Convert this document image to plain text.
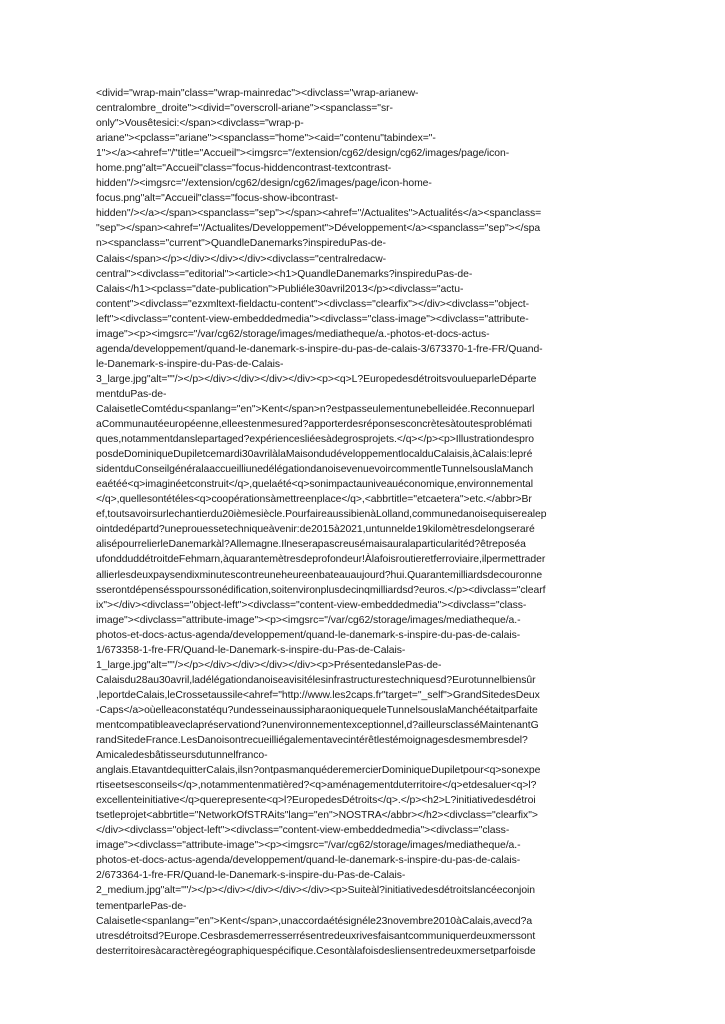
<divid="wrap-main"class="wrap-mainredac"><divclass="wrap-arianew-
centralombre_droite"><divid="overscroll-ariane"><spanclass="sr-
only">Vousêtesici:</span><divclass="wrap-p-
ariane"><pclass="ariane"><spanclass="home"><aid="contenu"tabindex="-
1"></a><ahref="/"title="Accueil"><imgsrc="/extension/cg62/design/cg62/images/page/icon-
home.png"alt="Accueil"class="focus-hiddencontrast-textcontrast-
hidden"/><imgsrc="/extension/cg62/design/cg62/images/page/icon-home-
focus.png"alt="Accueil"class="focus-show-ibcontrast-
hidden"/></a></span><spanclass="sep"></span><ahref="/Actualites">Actualités</a><spanclass=
"sep"></span><ahref="/Actualites/Developpement">Développement</a><spanclass="sep"></spa
n><spanclass="current">QuandleDanemarks?inspireduPas-de-
Calais</span></p></div></div></div><divclass="centralredacw-
central"><divclass="editorial"><article><h1>QuandleDanemarks?inspireduPas-de-
Calais</h1><pclass="date-publication">Publiéle30avril2013</p><divclass="actu-
content"><divclass="ezxmltext-fieldactu-content"><divclass="clearfix"></div><divclass="object-
left"><divclass="content-view-embeddedmedia"><divclass="class-image"><divclass="attribute-
image"><p><imgsrc="/var/cg62/storage/images/mediatheque/a.-photos-et-docs-actus-
agenda/developpement/quand-le-danemark-s-inspire-du-pas-de-calais-3/673370-1-fre-FR/Quand-
le-Danemark-s-inspire-du-Pas-de-Calais-
3_large.jpg"alt=""/></p></div></div></div></div><p><q>L?EuropedesdétroitsvoulueparleDéparte
mentduPas-de-
CalaisetleComtédu<spanlang="en">Kent</span>n?estpasseulementunebelleidée.Reconnueparl
aCommunautéeuropéenne,elleestenmesured?apporterdesréponsesconcrètesàtoutesproblémati
ques,notammentdanslepartaged?expériencesliéesàdegrosprojets.</q></p><p>Illustrationdespro
posdeDominiqueDupiletcemardi30avrilàlaMaisondudéveloppementlocalduCalaisis,àCalais:lepré
sidentduConseilgénéralaaccueilliunedélégationdanoisevenuevoircommentleTunnelsouslaManch
eaétéé<q>imaginéetconstruit</q>,quelaété<q>sonimpactauniveauéconomique,environnemental
</q>,quellesontétéles<q>coopérationsàmettreenplace</q>,<abbrtitle="etcaetera">etc.</abbr>Br
ef,toutsavoirsurlechantierdu20ièmesiècle.PourfaireaussibienàLolland,communedanoisequiserealep
ointdedépartd?uneprouessetechniqueàvenir:de2015à2021,untunnelde19kilomètresdelongserаré
alisépourrelierleDanemarkàl?Allemagne.Ilneserapascreusémaisauralaparticularitéd?êtreposéa
ufondduddétroitdeFehmarn,àquarantemètresdeprofondeur!Àlafoisroutieretferroviaire,ilpermettrader
allierlesdeuxpaysendixminutescontreuneheureenbateauaujourd?hui.Quarantemilliardsdecouronne
sserontdépensésspourssonédification,soitenvironplusdecinqmilliardsd?euros.</p><divclass="clearf
ix"></div><divclass="object-left"><divclass="content-view-embeddedmedia"><divclass="class-
image"><divclass="attribute-image"><p><imgsrc="/var/cg62/storage/images/mediatheque/a.-
photos-et-docs-actus-agenda/developpement/quand-le-danemark-s-inspire-du-pas-de-calais-
1/673358-1-fre-FR/Quand-le-Danemark-s-inspire-du-Pas-de-Calais-
1_large.jpg"alt=""/></p></div></div></div></div><p>PrésentedanslePas-de-
Calaisdu28au30avril,ladélégationdanoiseavisitélesinfrastructurestechniquesd?Eurotunnelbiensûr
,leportdeCalais,leCrossetaussile<ahref="http://www.les2caps.fr"target="_self">GrandSitedesDeux
-Caps</a>oùelleaconstatéqu?undesseinaussipharaoniquequeleTunnelsouslaManchéétaitparfaite
mentcompatibleaveclapréservationd?unenvironnementexceptionnel,d?ailleursclasséMaintenantG
randSitedeFrance.LesDanoisontrecueilliégalementavecintérêtlestémoignagesdesmembresdel?
Amicaledesbâtisseursdutunnelfranco-
anglais.EtavantdequitterCalais,ilsn?ontpasmanquéderemercierDominiqueDupiletpour<q>sonexpe
rtiseetsesconseils</q>,notammentenmatièred?<q>aménagementduterritoire</q>etdesaluer<q>l?
excellenteinitiative</q>querepresente<q>l?EuropedesDétroits</q>.</p><h2>L?initiativedesdétroi
tsetleprojet<abbrtitle="NetworkOfSTRAits"lang="en">NOSTRA</abbr></h2><divclass="clearfix">
</div><divclass="object-left"><divclass="content-view-embeddedmedia"><divclass="class-
image"><divclass="attribute-image"><p><imgsrc="/var/cg62/storage/images/mediatheque/a.-
photos-et-docs-actus-agenda/developpement/quand-le-danemark-s-inspire-du-pas-de-calais-
2/673364-1-fre-FR/Quand-le-Danemark-s-inspire-du-Pas-de-Calais-
2_medium.jpg"alt=""/></p></div></div></div></div><p>Suiteàl?initiativedesdétroitslancéeconjoin
tementparlePas-de-
Calaisetle<spanlang="en">Kent</span>,unaccordaétésignéle23novembre2010àCalais,avecd?a
utresdétroitsd?Europe.Cesbrasdemerresserrésentredeuxrivesfaisantcommuniquerdeuxmerssont
desterritoiresàcaractèregéographiquespécifique.Cesontàlafoisdesliensentredeuxmersetparfoisde
